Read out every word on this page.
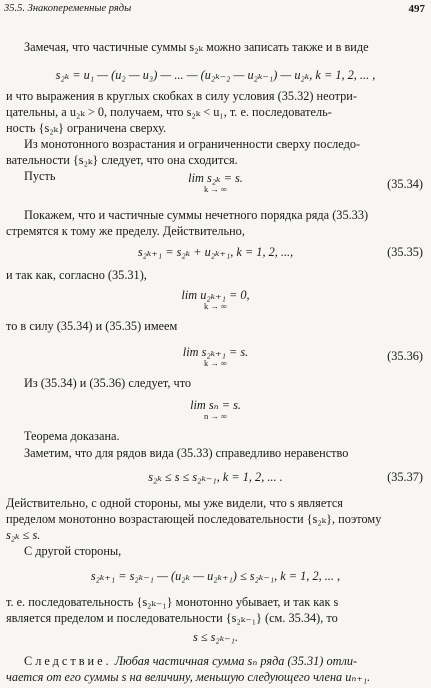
35.5. Знакопеременные ряды	497
Замечая, что частичные суммы s₂ₖ можно записать также и в виде
s₂ₖ = u₁ — (u₂ — u₃) — ... — (u₂ₖ₋₂ — u₂ₖ₋₁) — u₂ₖ, k = 1, 2, ... ,
и что выражения в круглых скобках в силу условия (35.32) неотри-
цательны, а u₂ₖ > 0, получаем, что s₂ₖ < u₁, т. е. последователь-
ность {s₂ₖ} ограничена сверху.
Из монотонного возрастания и ограниченности сверху последо-
вательности {s₂ₖ} следует, что она сходится.
Пусть	lim s₂ₖ = s.
k → ∞	(35.34)
Покажем, что и частичные суммы нечетного порядка ряда (35.33)
стремятся к тому же пределу. Действительно,
s₂ₖ₊₁ = s₂ₖ + u₂ₖ₊₁, k = 1, 2, ...,	(35.35)
и так как, согласно (35.31),
lim u₂ₖ₊₁ = 0,
k → ∞
то в силу (35.34) и (35.35) имеем
lim s₂ₖ₊₁ = s.
k → ∞	(35.36)
Из (35.34) и (35.36) следует, что
lim sₙ = s.
n → ∞
Теорема доказана.
Заметим, что для рядов вида (35.33) справедливо неравенство
s₂ₖ ≤ s ≤ s₂ₖ₋₁, k = 1, 2, ... .	(35.37)
Действительно, с одной стороны, мы уже видели, что s является
пределом монотонно возрастающей последовательности {s₂ₖ}, поэтому
s₂ₖ ≤ s.
С другой стороны,
s₂ₖ₊₁ = s₂ₖ₋₁ — (u₂ₖ — u₂ₖ₊₁) ≤ s₂ₖ₋₁, k = 1, 2, ... ,
т. е. последовательность {s₂ₖ₋₁} монотонно убывает, и так как s
является пределом и последовательности {s₂ₖ₋₁} (см. 35.34), то
s ≤ s₂ₖ₋₁.
Следствие. Любая частичная сумма sₙ ряда (35.31) отли-
чается от его суммы s на величину, меньшую следующего члена uₙ₊₁.
